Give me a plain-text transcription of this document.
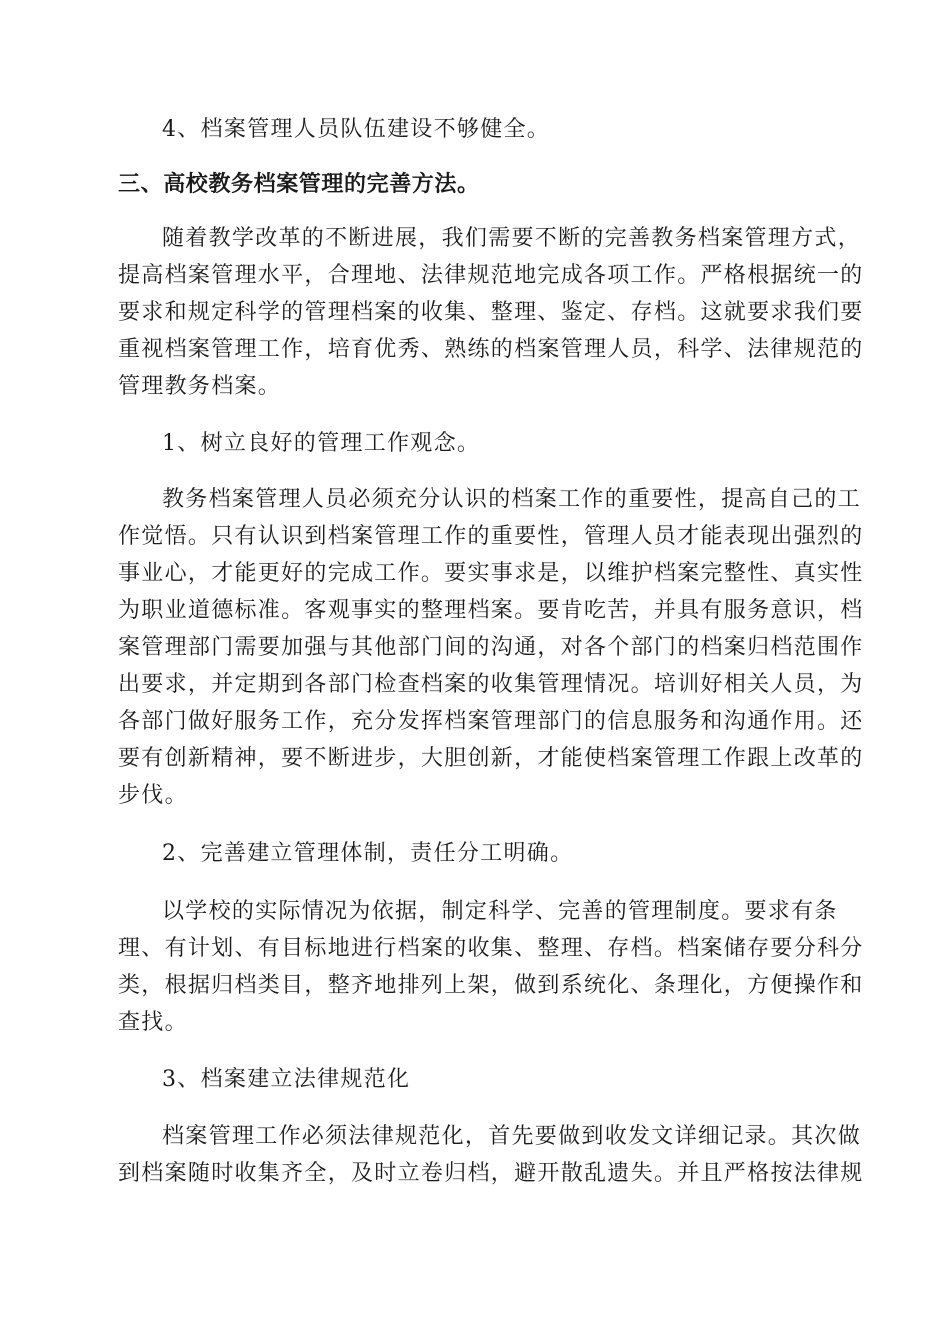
4、档案管理人员队伍建设不够健全。
三、高校教务档案管理的完善方法。
随着教学改革的不断进展，我们需要不断的完善教务档案管理方式，
提高档案管理水平，合理地、法律规范地完成各项工作。严格根据统一的
要求和规定科学的管理档案的收集、整理、鉴定、存档。这就要求我们要
重视档案管理工作，培育优秀、熟练的档案管理人员，科学、法律规范的
管理教务档案。
1、树立良好的管理工作观念。
教务档案管理人员必须充分认识的档案工作的重要性，提高自己的工
作觉悟。只有认识到档案管理工作的重要性，管理人员才能表现出强烈的
事业心，才能更好的完成工作。要实事求是，以维护档案完整性、真实性
为职业道德标准。客观事实的整理档案。要肯吃苦，并具有服务意识，档
案管理部门需要加强与其他部门间的沟通，对各个部门的档案归档范围作
出要求，并定期到各部门检查档案的收集管理情况。培训好相关人员，为
各部门做好服务工作，充分发挥档案管理部门的信息服务和沟通作用。还
要有创新精神，要不断进步，大胆创新，才能使档案管理工作跟上改革的
步伐。
2、完善建立管理体制，责任分工明确。
以学校的实际情况为依据，制定科学、完善的管理制度。要求有条
理、有计划、有目标地进行档案的收集、整理、存档。档案储存要分科分
类，根据归档类目，整齐地排列上架，做到系统化、条理化，方便操作和
查找。
3、档案建立法律规范化
档案管理工作必须法律规范化，首先要做到收发文详细记录。其次做
到档案随时收集齐全，及时立卷归档，避开散乱遗失。并且严格按法律规
